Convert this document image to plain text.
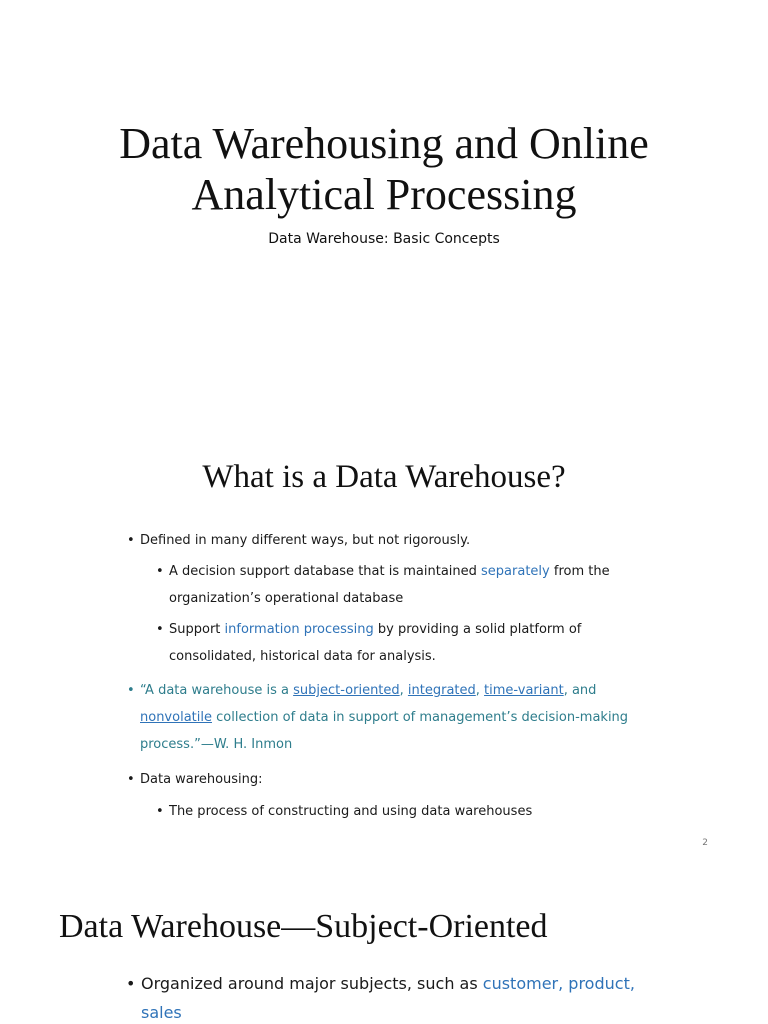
Data Warehousing and Online
Analytical Processing
Data Warehouse: Basic Concepts
What is a Data Warehouse?
• Defined in many different ways, but not rigorously.
• A decision support database that is maintained separately from the
organization’s operational database
• Support information processing by providing a solid platform of
consolidated, historical data for analysis.
• “A data warehouse is a subject-oriented, integrated, time-variant, and
nonvolatile collection of data in support of management’s decision-making
process.”—W. H. Inmon
• Data warehousing:
• The process of constructing and using data warehouses
2
Data Warehouse—Subject-Oriented
• Organized around major subjects, such as customer, product,
sales
